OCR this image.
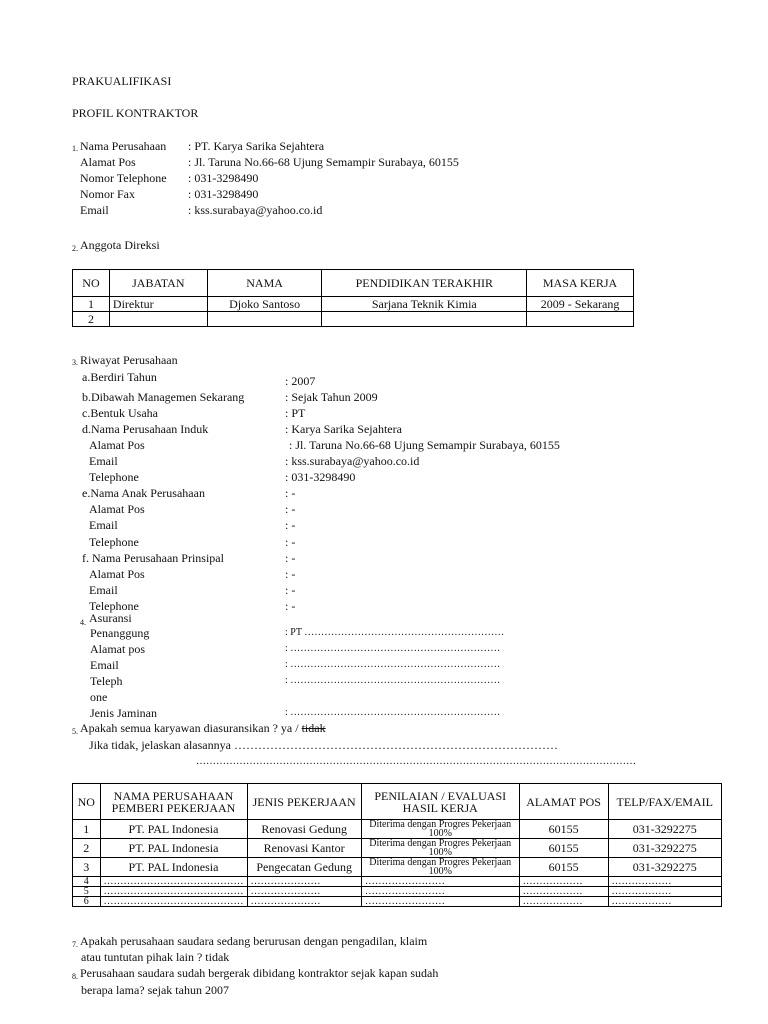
PRAKUALIFIKASI
PROFIL KONTRAKTOR
1. Nama Perusahaan : PT. Karya Sarika Sejahtera
Alamat Pos	: Jl. Taruna No.66-68 Ujung Semampir Surabaya, 60155
Nomor Telephone : 031-3298490
Nomor Fax	: 031-3298490
Email	: kss.surabaya@yahoo.co.id
2. Anggota Direksi
NO	JABATAN	NAMA	PENDIDIKAN TERAKHIR	MASA KERJA
1	Direktur	Djoko Santoso	Sarjana Teknik Kimia	2009 - Sekarang
2				
3. Riwayat Perusahaan
a.Berdiri Tahun	: 2007
b.Dibawah Managemen Sekarang	: Sejak Tahun 2009
c.Bentuk Usaha	: PT
d.Nama Perusahaan Induk	: Karya Sarika Sejahtera
Alamat Pos	: Jl. Taruna No.66-68 Ujung Semampir Surabaya, 60155
Email	: kss.surabaya@yahoo.co.id
Telephone	: 031-3298490
e.Nama Anak Perusahaan	: -
Alamat Pos	: -
Email	: -
Telephone	: -
f. Nama Perusahaan Prinsipal	: -
Alamat Pos	: -
Email	: -
Telephone	: -
4. Asuransi
Penanggung	: PT ……………………………………………………
Alamat pos	: ………………………………………………………
Email	: ………………………………………………………
Teleph	: ………………………………………………………
one
Jenis Jaminan	: ………………………………………………………
5. Apakah semua karyawan diasuransikan ? ya / tidak
Jika tidak, jelaskan alasannya ………………………………………………………………………
……………………………………………………………………………………………………………………
NO	NAMA PERUSAHAAN PEMBERI PEKERJAAN	JENIS PEKERJAAN	PENILAIAN / EVALUASI HASIL KERJA	ALAMAT POS	TELP/FAX/EMAIL
1	PT. PAL Indonesia	Renovasi Gedung	Diterima dengan Progres Pekerjaan 100%	60155	031-3292275
2	PT. PAL Indonesia	Renovasi Kantor	Diterima dengan Progres Pekerjaan 100%	60155	031-3292275
3	PT. PAL Indonesia	Pengecatan Gedung	Diterima dengan Progres Pekerjaan 100%	60155	031-3292275
4	……………………………………	…………………	……………………	………………	………………
5	……………………………………	…………………	……………………	………………	………………
6	……………………………………	…………………	……………………	………………	………………
7. Apakah perusahaan saudara sedang berurusan dengan pengadilan, klaim
atau tuntutan pihak lain ? tidak
8. Perusahaan saudara sudah bergerak dibidang kontraktor sejak kapan sudah
berapa lama? sejak tahun 2007
